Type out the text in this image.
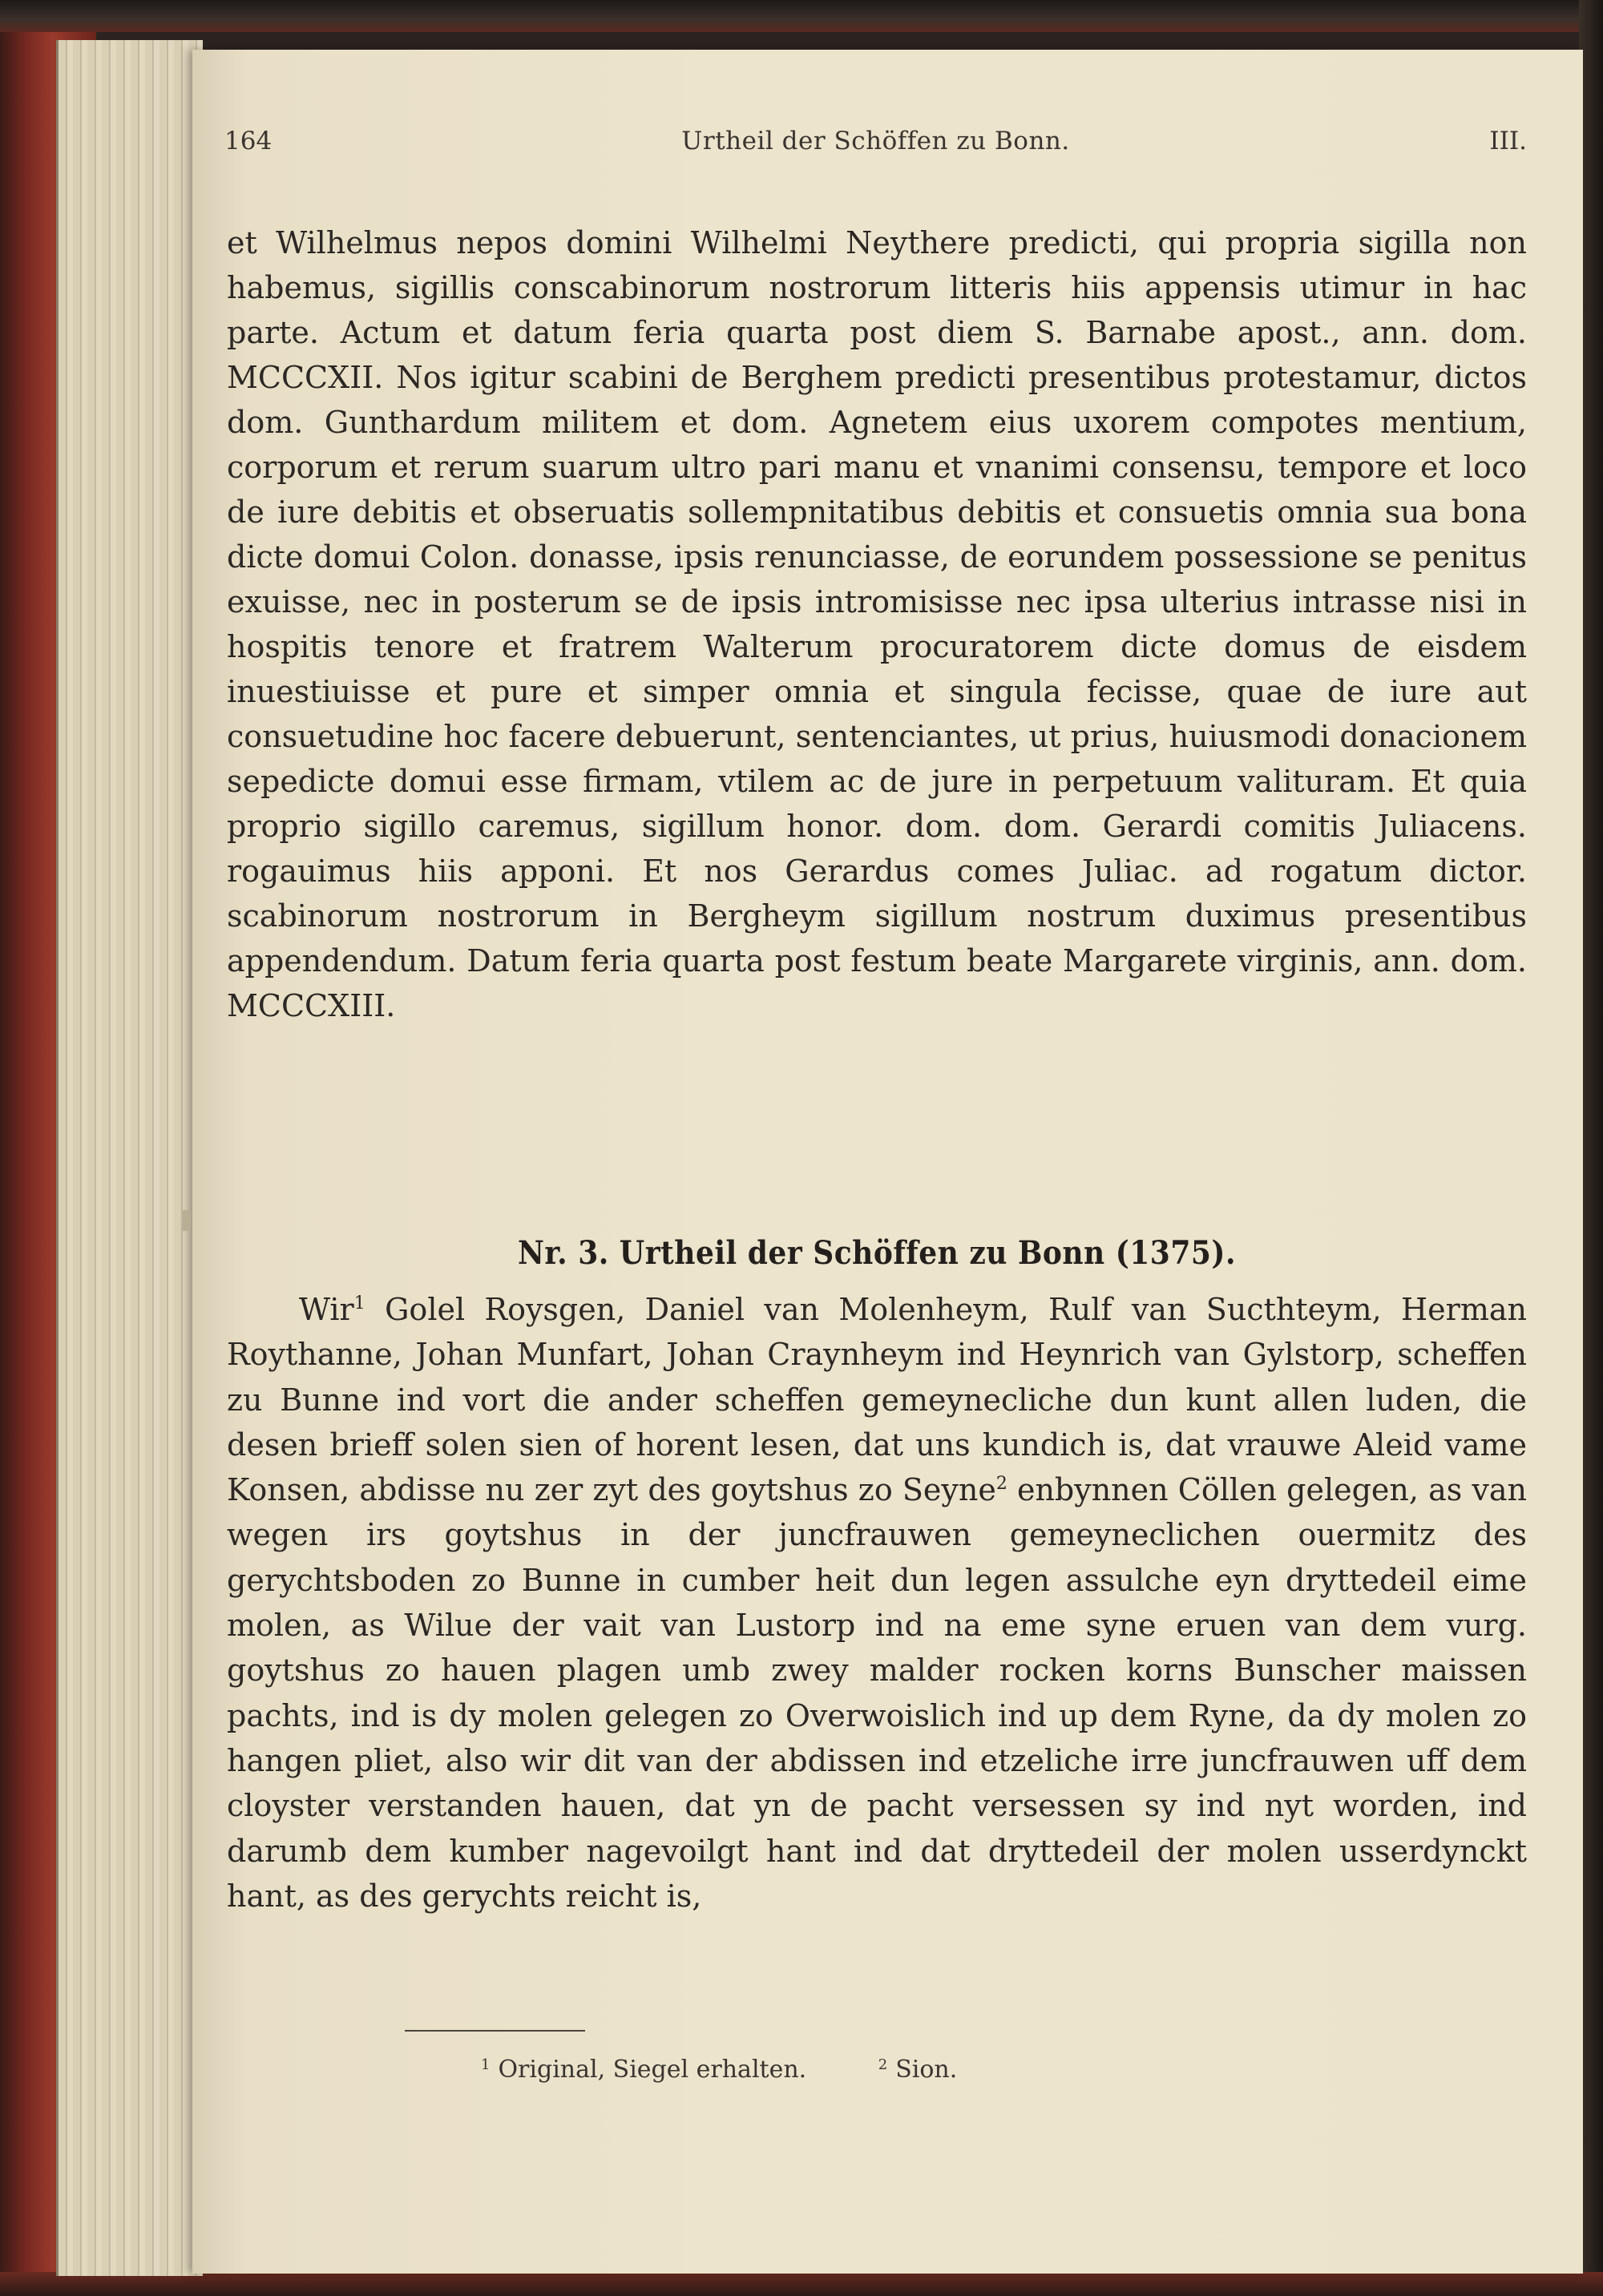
164	Urtheil der Schöffen zu Bonn.	III.

et Wilhelmus nepos domini Wilhelmi Neythere predicti, qui propria sigilla non habemus, sigillis conscabinorum nostrorum litteris hiis appensis utimur in hac parte. Actum et datum feria quarta post diem S. Barnabe apost., ann. dom. MCCCXII. Nos igitur scabini de Berghem predicti presentibus protestamur, dictos dom. Gunthardum militem et dom. Agnetem eius uxorem compotes mentium, corporum et rerum suarum ultro pari manu et vnanimi consensu, tempore et loco de iure debitis et obseruatis sollempnitatibus debitis et consuetis omnia sua bona dicte domui Colon. donasse, ipsis renunciasse, de eorundem possessione se penitus exuisse, nec in posterum se de ipsis intromisisse nec ipsa ulterius intrasse nisi in hospitis tenore et fratrem Walterum procuratorem dicte domus de eisdem inuestiuisse et pure et simper omnia et singula fecisse, quae de iure aut consuetudine hoc facere debuerunt, sentenciantes, ut prius, huiusmodi donacionem sepedicte domui esse firmam, vtilem ac de jure in perpetuum valituram. Et quia proprio sigillo caremus, sigillum honor. dom. dom. Gerardi comitis Juliacens. rogauimus hiis apponi. Et nos Gerardus comes Juliac. ad rogatum dictor. scabinorum nostrorum in Bergheym sigillum nostrum duximus presentibus appendendum. Datum feria quarta post festum beate Margarete virginis, ann. dom. MCCCXIII.

Nr. 3. Urtheil der Schöffen zu Bonn (1375).

Wir$^1$ Golel Roysgen, Daniel van Molenheym, Rulf van Sucthteym, Herman Roythanne, Johan Munfart, Johan Craynheym ind Heynrich van Gylstorp, scheffen zu Bunne ind vort die ander scheffen gemeynecliche dun kunt allen luden, die desen brieff solen sien of horent lesen, dat uns kundich is, dat vrauwe Aleid vame Konsen, abdisse nu zer zyt des goytshus zo Seyne$^2$ enbynnen Cöllen gelegen, as van wegen irs goytshus in der juncfrauwen gemeyneclichen ouermitz des gerychtsboden zo Bunne in cumber heit dun legen assulche eyn dryttedeil eime molen, as Wilue der vait van Lustorp ind na eme syne eruen van dem vurg. goytshus zo hauen plagen umb zwey malder rocken korns Bunscher maissen pachts, ind is dy molen gelegen zo Overwoislich ind up dem Ryne, da dy molen zo hangen pliet, also wir dit van der abdissen ind etzeliche irre juncfrauwen uff dem cloyster verstanden hauen, dat yn de pacht versessen sy ind nyt worden, ind darumb dem kumber nagevoilgt hant ind dat dryttedeil der molen usserdynckt hant, as des gerychts reicht is,

$^1$ Original, Siegel erhalten.	$^2$ Sion.
